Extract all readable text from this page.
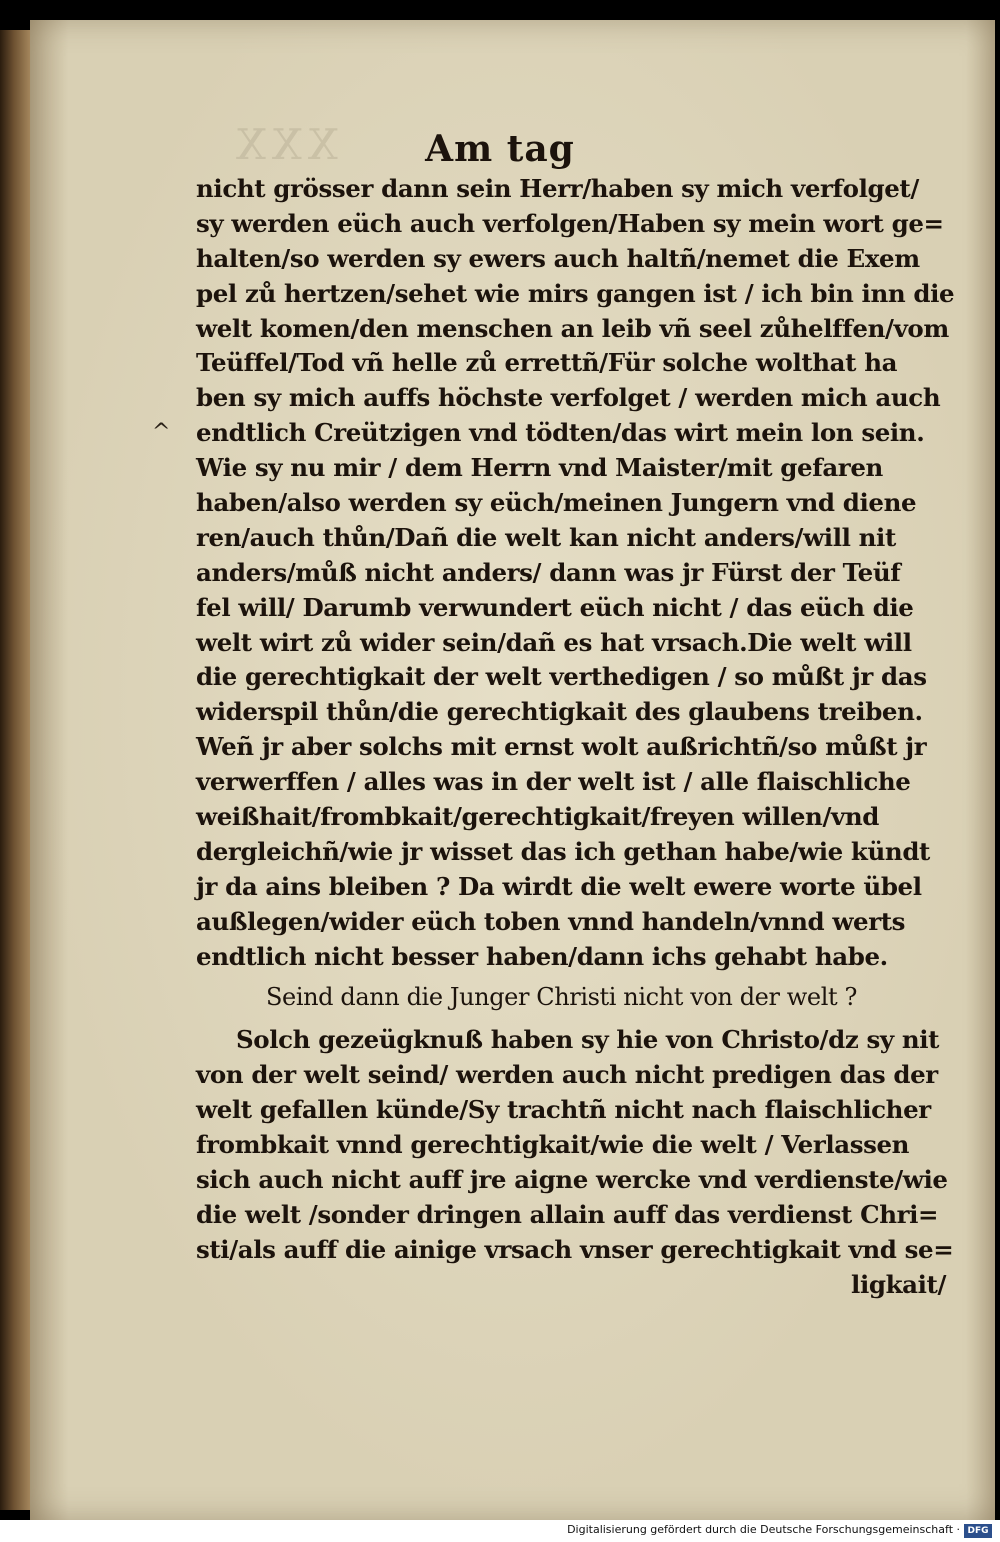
XXX	Am tag
^
nicht grösser dann sein Herr/haben sy mich verfolget/
sy werden eüch auch verfolgen/Haben sy mein wort ge=
halten/so werden sy ewers auch haltñ/nemet die Exem
pel zů hertzen/sehet wie mirs gangen ist / ich bin inn die
welt komen/den menschen an leib vñ seel zůhelffen/vom
Teüffel/Tod vñ helle zů errettñ/Für solche wolthat ha
ben sy mich auffs höchste verfolget / werden mich auch
endtlich Creützigen vnd tödten/das wirt mein lon sein.
Wie sy nu mir / dem Herrn vnd Maister/mit gefaren
haben/also werden sy eüch/meinen Jungern vnd diene
ren/auch thůn/Dañ die welt kan nicht anders/will nit
anders/můß nicht anders/ dann was jr Fürst der Teüf
fel will/ Darumb verwundert eüch nicht / das eüch die
welt wirt zů wider sein/dañ es hat vrsach.Die welt will
die gerechtigkait der welt verthedigen / so můßt jr das
widerspil thůn/die gerechtigkait des glaubens treiben.
Weñ jr aber solchs mit ernst wolt außrichtñ/so můßt jr
verwerffen / alles was in der welt ist / alle flaischliche
weißhait/frombkait/gerechtigkait/freyen willen/vnd
dergleichñ/wie jr wisset das ich gethan habe/wie kündt
jr da ains bleiben ? Da wirdt die welt ewere worte übel
außlegen/wider eüch toben vnnd handeln/vnnd werts
endtlich nicht besser haben/dann ichs gehabt habe.
Seind dann die Junger Christi nicht von der welt ?
Solch gezeügknuß haben sy hie von Christo/dz sy nit
von der welt seind/ werden auch nicht predigen das der
welt gefallen künde/Sy trachtñ nicht nach flaischlicher
frombkait vnnd gerechtigkait/wie die welt / Verlassen
sich auch nicht auff jre aigne wercke vnd verdienste/wie
die welt /sonder dringen allain auff das verdienst Chri=
sti/als auff die ainige vrsach vnser gerechtigkait vnd se=
ligkait/
Digitalisierung gefördert durch die Deutsche Forschungsgemeinschaft · DFG
